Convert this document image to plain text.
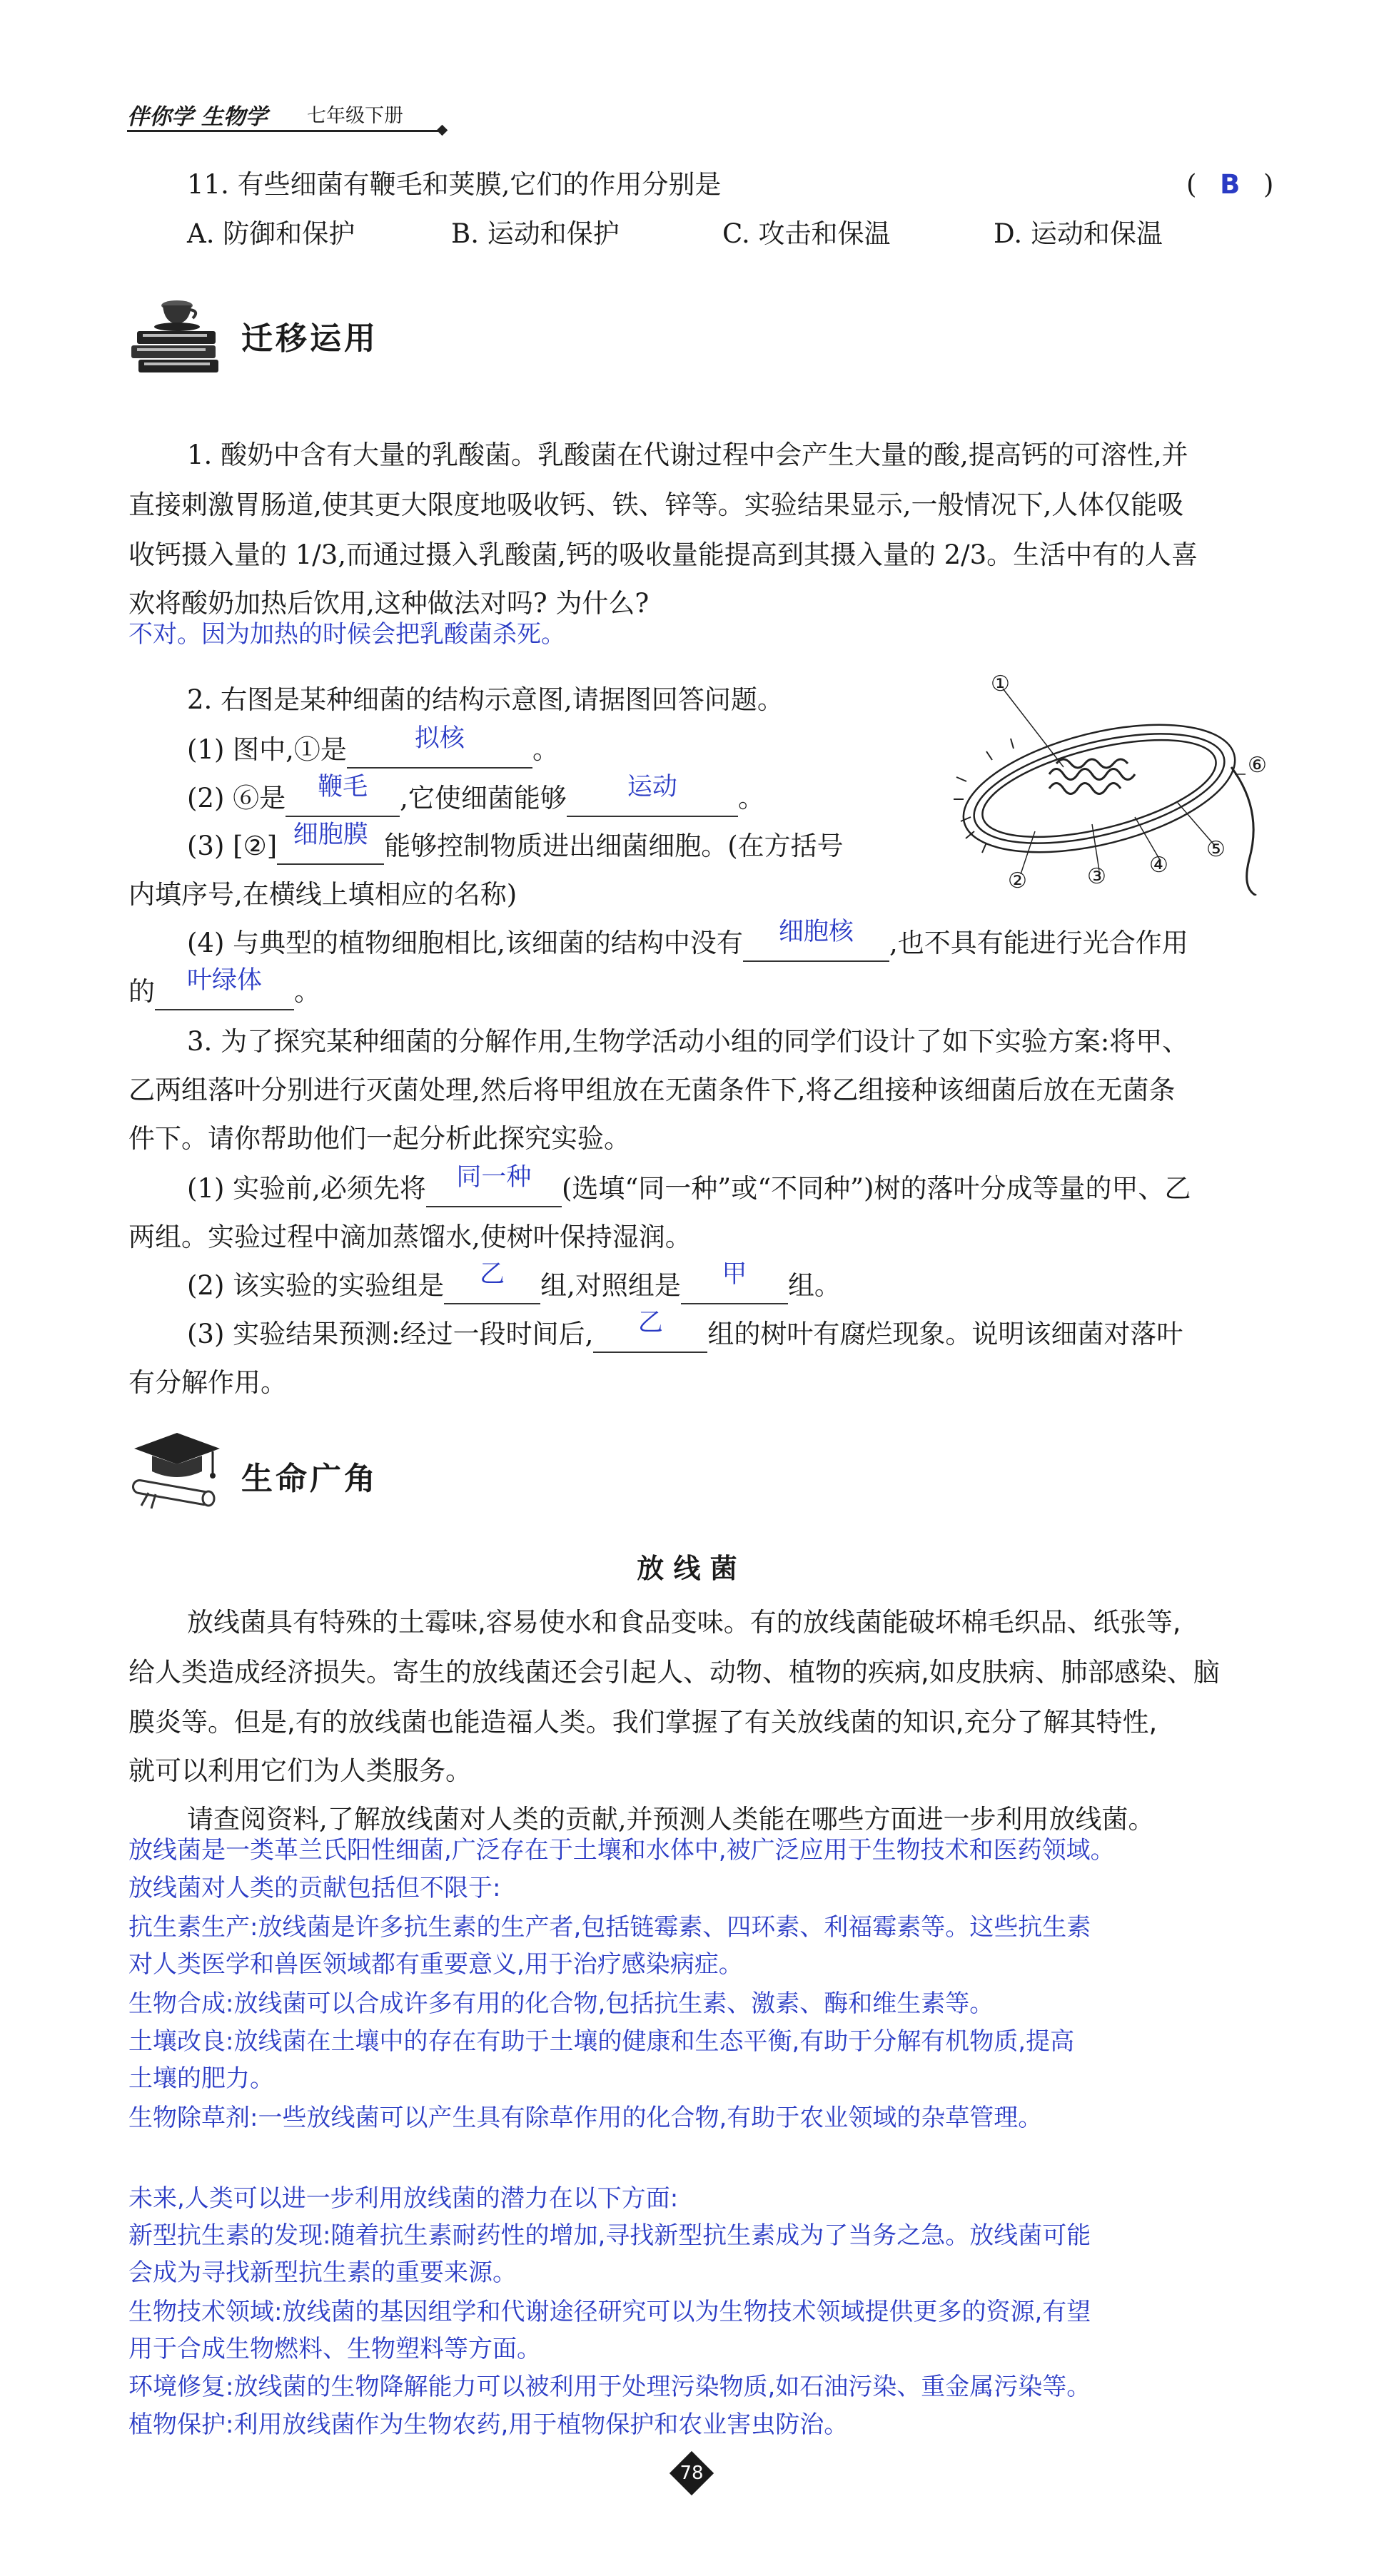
伴你学 生物学 七年级下册
11. 有些细菌有鞭毛和荚膜,它们的作用分别是	( B )
A. 防御和保护	B. 运动和保护	C. 攻击和保温	D. 运动和保温
迁移运用
1. 酸奶中含有大量的乳酸菌。乳酸菌在代谢过程中会产生大量的酸,提高钙的可溶性,并
直接刺激胃肠道,使其更大限度地吸收钙、铁、锌等。实验结果显示,一般情况下,人体仅能吸
收钙摄入量的 1/3,而通过摄入乳酸菌,钙的吸收量能提高到其摄入量的 2/3。生活中有的人喜
欢将酸奶加热后饮用,这种做法对吗? 为什么?
不对。因为加热的时候会把乳酸菌杀死。
2. 右图是某种细菌的结构示意图,请据图回答问题。
(1) 图中,①是	拟核	。
(2) ⑥是	鞭毛	,它使细菌能够	运动	。
(3) [②] 细胞膜 能够控制物质进出细菌细胞。(在方括号
内填序号,在横线上填相应的名称)
(4) 与典型的植物细胞相比,该细菌的结构中没有	细胞核	,也不具有能进行光合作用
的	叶绿体	。
①
②	③ ④
⑤
⑥
3. 为了探究某种细菌的分解作用,生物学活动小组的同学们设计了如下实验方案:将甲、
乙两组落叶分别进行灭菌处理,然后将甲组放在无菌条件下,将乙组接种该细菌后放在无菌条
件下。请你帮助他们一起分析此探究实验。
(1) 实验前,必须先将	同一种	(选填“同一种”或“不同种”)树的落叶分成等量的甲、乙
两组。实验过程中滴加蒸馏水,使树叶保持湿润。
(2) 该实验的实验组是	乙	组,对照组是	甲	组。
(3) 实验结果预测:经过一段时间后,	乙	组的树叶有腐烂现象。说明该细菌对落叶
有分解作用。
生命广角
放 线 菌
放线菌具有特殊的土霉味,容易使水和食品变味。有的放线菌能破坏棉毛织品、纸张等,
给人类造成经济损失。寄生的放线菌还会引起人、动物、植物的疾病,如皮肤病、肺部感染、脑
膜炎等。但是,有的放线菌也能造福人类。我们掌握了有关放线菌的知识,充分了解其特性,
就可以利用它们为人类服务。
请查阅资料,了解放线菌对人类的贡献,并预测人类能在哪些方面进一步利用放线菌。
放线菌是一类革兰氏阳性细菌,广泛存在于土壤和水体中,被广泛应用于生物技术和医药领域。
放线菌对人类的贡献包括但不限于:
抗生素生产:放线菌是许多抗生素的生产者,包括链霉素、四环素、利福霉素等。这些抗生素
对人类医学和兽医领域都有重要意义,用于治疗感染病症。
生物合成:放线菌可以合成许多有用的化合物,包括抗生素、激素、酶和维生素等。
土壤改良:放线菌在土壤中的存在有助于土壤的健康和生态平衡,有助于分解有机物质,提高
土壤的肥力。
生物除草剂:一些放线菌可以产生具有除草作用的化合物,有助于农业领域的杂草管理。
未来,人类可以进一步利用放线菌的潜力在以下方面:
新型抗生素的发现:随着抗生素耐药性的增加,寻找新型抗生素成为了当务之急。放线菌可能
会成为寻找新型抗生素的重要来源。
生物技术领域:放线菌的基因组学和代谢途径研究可以为生物技术领域提供更多的资源,有望
用于合成生物燃料、生物塑料等方面。
环境修复:放线菌的生物降解能力可以被利用于处理污染物质,如石油污染、重金属污染等。
植物保护:利用放线菌作为生物农药,用于植物保护和农业害虫防治。
78
